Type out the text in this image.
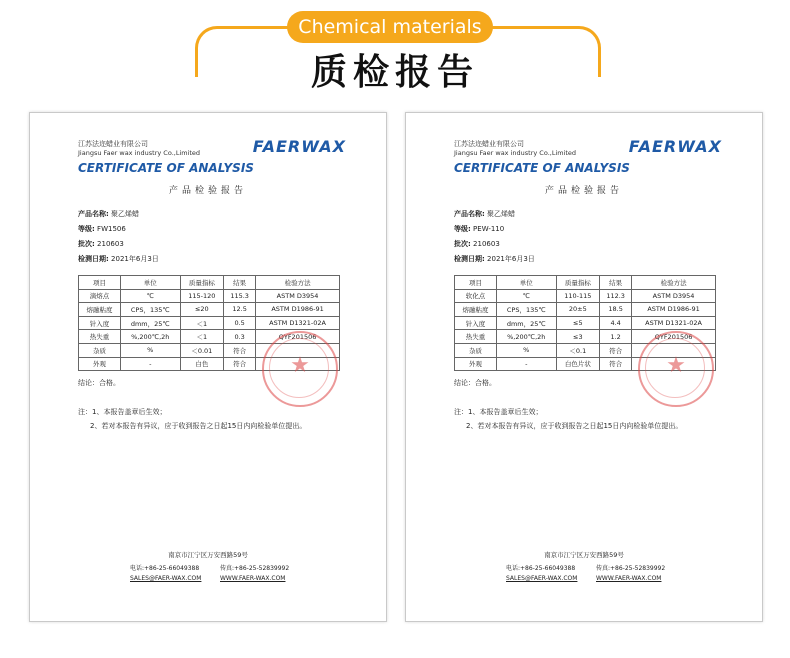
Chemical materials
质检报告
江苏法迩蜡业有限公司
Jiangsu Faer wax industry Co.,Limited	FAERWAX
CERTIFICATE OF ANALYSIS
产品检验报告
产品名称: 聚乙烯蜡
等级: FW1506
批次: 210603
检测日期: 2021年6月3日
项目	单位	质量指标	结果	检验方法
滴熔点	℃	115-120	115.3	ASTM D3954
熔融粘度	CPS，135℃	≤20	12.5	ASTM D1986-91
针入度	dmm，25℃	＜1	0.5	ASTM D1321-02A
热失重	%,200℃,2h	＜1	0.3	QYF201506
杂质	%	＜0.01	符合	
外观	-	白色	符合	
结论：合格。
注：1、本报告盖章后生效；
2、若对本报告有异议，应于收到报告之日起15日内向检验单位提出。
★
南京市江宁区万安西路59号
电话:+86-25-66049388	传真:+86-25-52839992
SALES@FAER-WAX.COM	WWW.FAER-WAX.COM
江苏法迩蜡业有限公司
Jiangsu Faer wax industry Co.,Limited	FAERWAX
CERTIFICATE OF ANALYSIS
产品检验报告
产品名称: 聚乙烯蜡
等级: PEW-110
批次: 210603
检测日期: 2021年6月3日
项目	单位	质量指标	结果	检验方法
软化点	℃	110-115	112.3	ASTM D3954
熔融粘度	CPS，135℃	20±5	18.5	ASTM D1986-91
针入度	dmm，25℃	≤5	4.4	ASTM D1321-02A
热失重	%,200℃,2h	≤3	1.2	QYF201506
杂质	%	＜0.1	符合	
外观	-	白色片状	符合	
结论：合格。
注：1、本报告盖章后生效；
2、若对本报告有异议，应于收到报告之日起15日内向检验单位提出。
★
南京市江宁区万安西路59号
电话:+86-25-66049388	传真:+86-25-52839992
SALES@FAER-WAX.COM	WWW.FAER-WAX.COM
